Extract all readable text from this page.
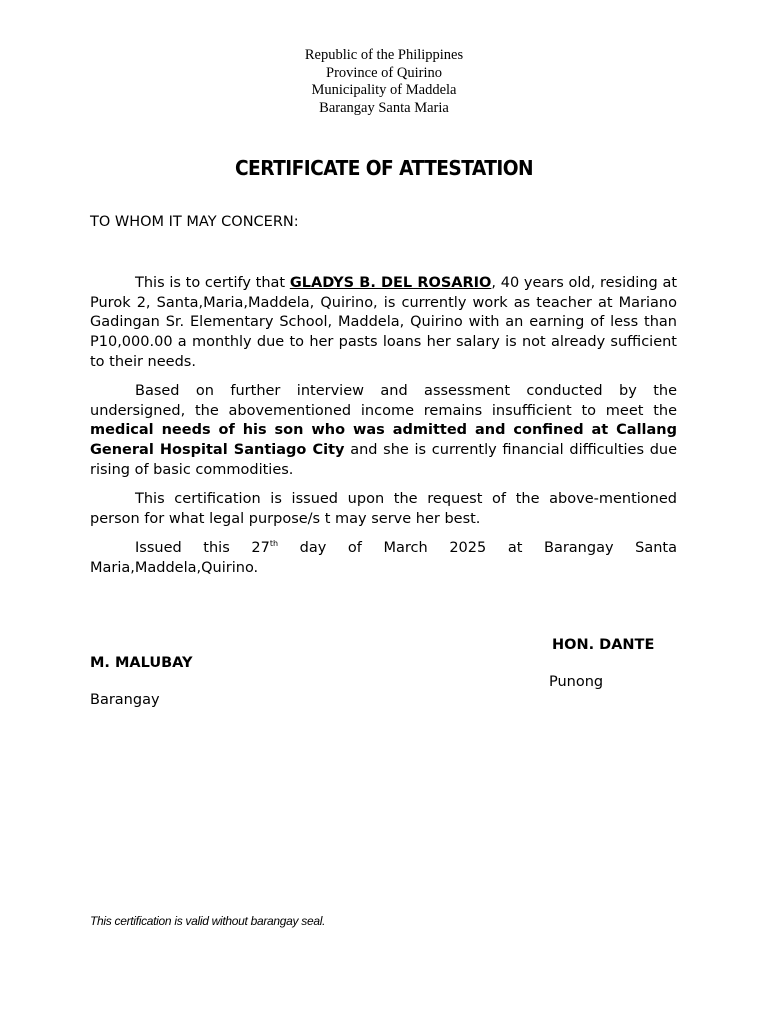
Republic of the Philippines
Province of Quirino
Municipality of Maddela
Barangay Santa Maria
CERTIFICATE OF ATTESTATION
TO WHOM IT MAY CONCERN:

This is to certify that GLADYS B. DEL ROSARIO, 40 years old, residing at Purok 2, Santa,Maria,Maddela, Quirino, is currently work as teacher at Mariano Gadingan Sr. Elementary School, Maddela, Quirino with an earning of less than P10,000.00 a monthly due to her pasts loans her salary is not already sufficient to their needs.

Based on further interview and assessment conducted by the undersigned, the abovementioned income remains insufficient to meet the medical needs of his son who was admitted and confined at Callang General Hospital Santiago City and she is currently financial difficulties due rising of basic commodities.

This certification is issued upon the request of the above-mentioned person for what legal purpose/s t may serve her best.

Issued this 27th day of March 2025 at Barangay Santa Maria,Maddela,Quirino.

HON. DANTE
M. MALUBAY
Punong
Barangay
This certification is valid without barangay seal.
